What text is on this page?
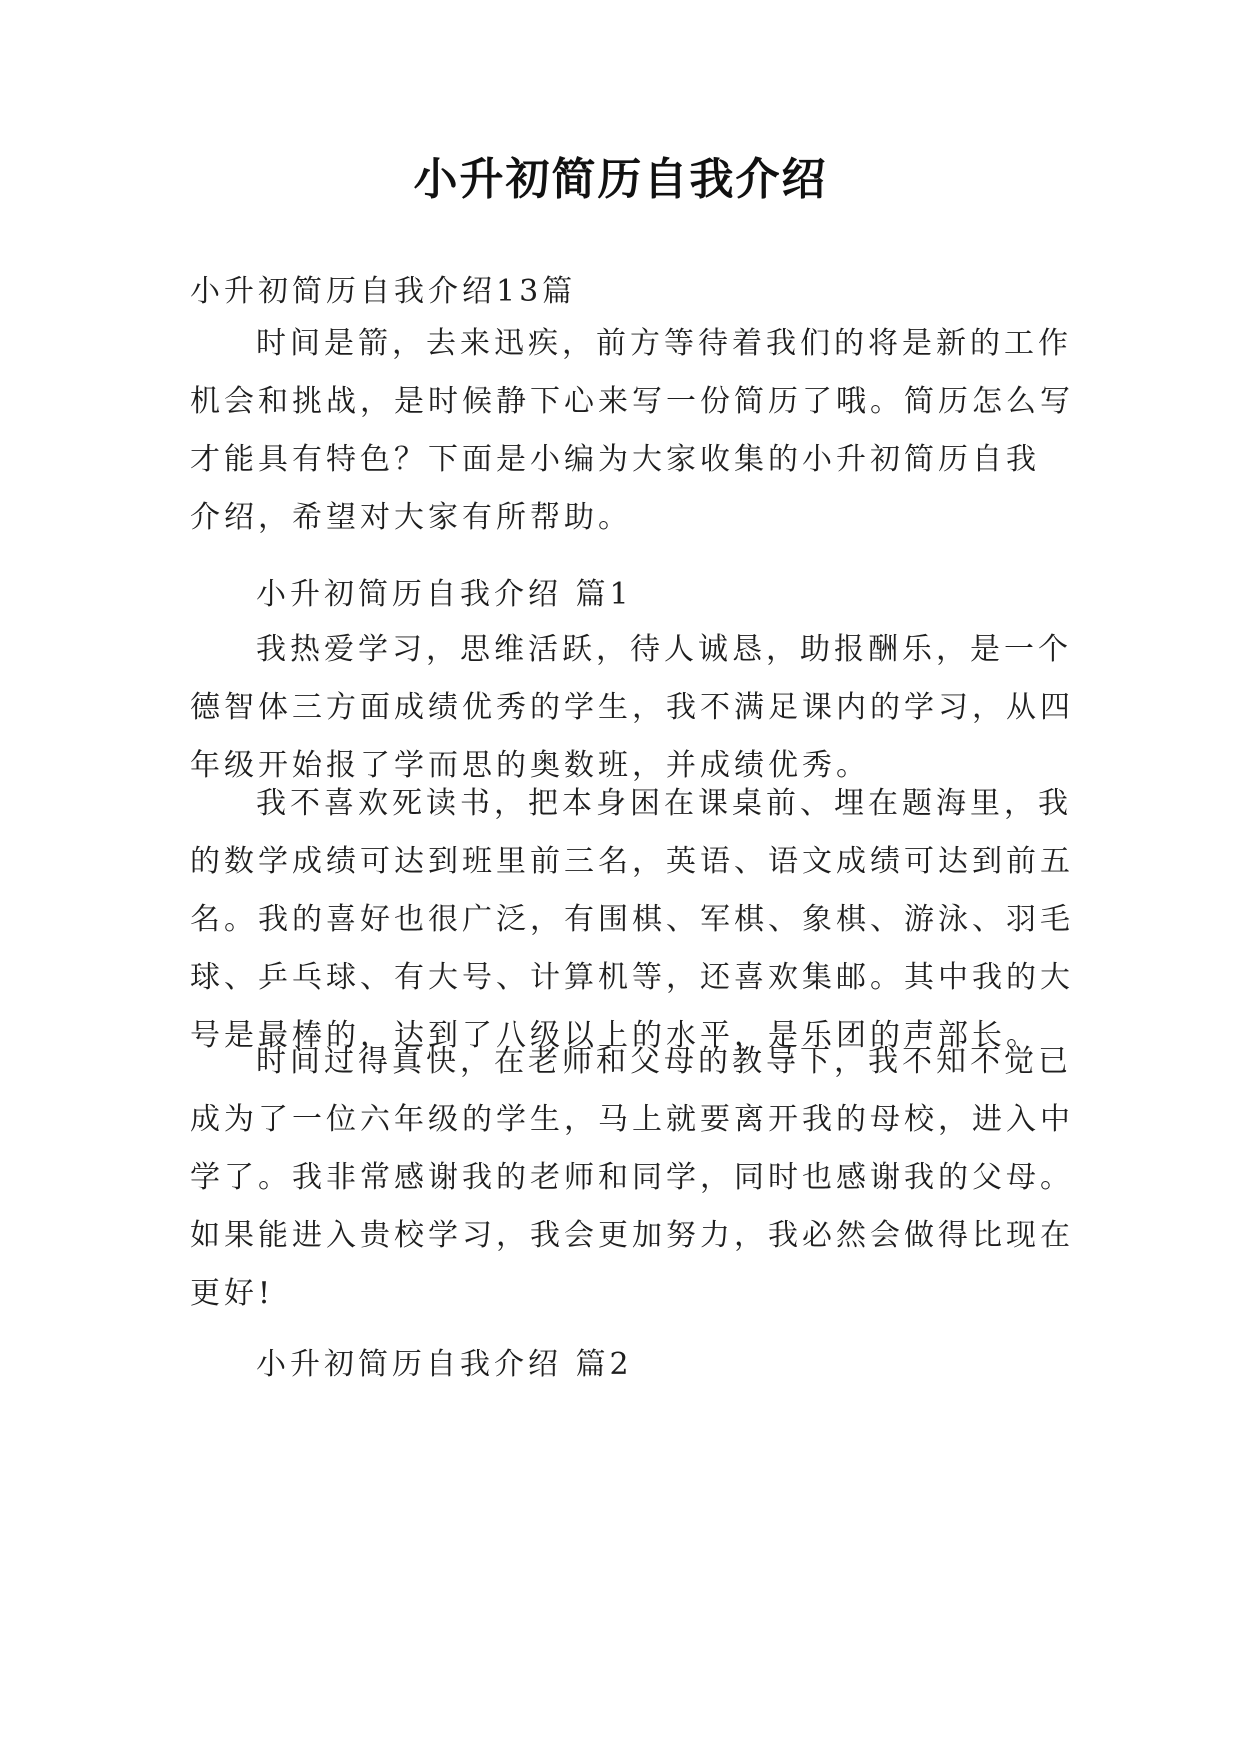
小升初简历自我介绍
小升初简历自我介绍13篇
时间是箭，去来迅疾，前方等待着我们的将是新的工作
机会和挑战，是时候静下心来写一份简历了哦。简历怎么写
才能具有特色？下面是小编为大家收集的小升初简历自我
介绍，希望对大家有所帮助。
小升初简历自我介绍 篇1
我热爱学习，思维活跃，待人诚恳，助报酬乐，是一个
德智体三方面成绩优秀的学生，我不满足课内的学习，从四
年级开始报了学而思的奥数班，并成绩优秀。
我不喜欢死读书，把本身困在课桌前、埋在题海里，我
的数学成绩可达到班里前三名，英语、语文成绩可达到前五
名。我的喜好也很广泛，有围棋、军棋、象棋、游泳、羽毛
球、乒乓球、有大号、计算机等，还喜欢集邮。其中我的大
号是最棒的，达到了八级以上的水平，是乐团的声部长。
时间过得真快，在老师和父母的教导下，我不知不觉已
成为了一位六年级的学生，马上就要离开我的母校，进入中
学了。我非常感谢我的老师和同学，同时也感谢我的父母。
如果能进入贵校学习，我会更加努力，我必然会做得比现在
更好!
小升初简历自我介绍 篇2
